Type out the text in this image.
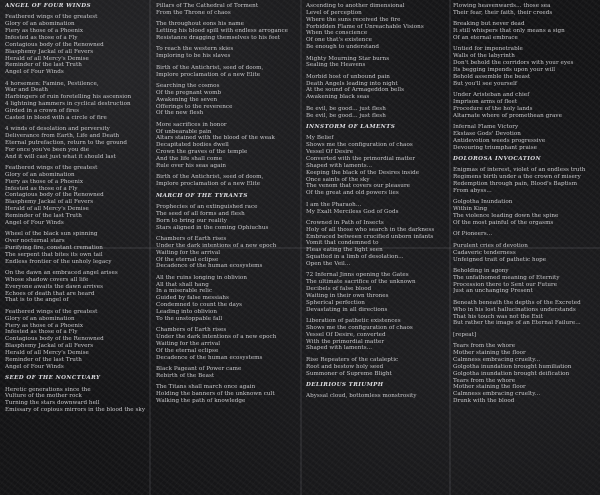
ANGEL OF FOUR WINDS
Feathered wings of the greatest
Glory of an abomination
Fiery as those of a Phoenix
Infested as those of a Fly
Contagious body of the Renowned
Blasphemy Jackal of all Fevers
Herald of all Mercy's Demise
Reminder of the last Truth
Angel of Four Winds
4 horsemen: Famine, Pestilence,
War and Death
Harbingers of ruin foretelling his ascension
4 lightning hammers in cyclical destruction
Girded in a crown of fires
Casted in blood with a circle of fire
4 winds of desolation and perversity
Deliverance from Earth, Life and Death
Eternal putrefaction, return to the ground
For once you've been you die
And it will cast just what it should last
Feathered wings of the greatest
Glory of an abomination
Fiery as those of a Phoenix
Infested as those of a Fly
Contagious body of the Renowned
Blasphemy Jackal of all Fevers
Herald of all Mercy's Demise
Reminder of the last Truth
Angel of Four Winds
Wheel of the black sun spinning
Over nocturnal stars
Purifying fire, constant cremation
The serpent that bites its own tail
Endless frontier of the unholy legacy
On the dawn an embraced angel arises
Whose shadow covers all life
Everyone awaits the dawn arrives
Echoes of death that are heard
That is to the angel of
Feathered wings of the greatest
Glory of an abomination
Fiery as those of a Phoenix
Infested as those of a Fly
Contagious body of the Renowned
Blasphemy Jackal of all Fevers
Herald of all Mercy's Demise
Reminder of the last Truth
Angel of Four Winds
SEED OF THE NONCTUARY
Heretic generations since the
Vulture of the mother rock
Turning the stars downward hell
Emissary of copious mirrors in the blood the sky
Pillars of The Cathedral of Torment
From the Throne of chaos
The throughout eons his name
Letting his blood spill with endless arrogance
Resistance dragging themselves to his feet
To reach the western skies
Imploring to be his slaves
Birth of the Antichrist, seed of doom,
Implore proclamation of a new Elite
Searching the cosmos
Of the pregnant womb
Awakening the seven
Offerings to the reverence
Of the new flesh
More sacrifices in honor
Of unbearable pain
Altars stained with the blood of the weak
Decapitated bodies dwell
Crown the graves of the temple
And the life shall come
Rule over his seas again
Birth of the Antichrist, seed of doom,
Implore proclamation of a new Elite
MARCH OF THE TYRANTS
Prophecies of an extinguished race
The seed of all forms and flesh
Born to bring our reality
Stars aligned in the coming Ophiuchus
Chambers of Earth rises
Under the dark intentions of a new epoch
Waiting for the arrival
Of the eternal eclipse
Decadence of the human ecosystems
All the ruins longing in oblivion
All that shall hang
In a miserable relic
Guided by false messiahs
Condemned to count the days
Leading into oblivion
To the unstoppable fall
Chambers of Earth rises
Under the dark intentions of a new epoch
Waiting for the arrival
Of the eternal eclipse
Decadence of the human ecosystems
Black Pageant of Power came
Rebirth of the Beast
The Titans shall march once again
Holding the banners of the unknown cult
Walking the path of knowledge
Ascending to another dimensional
Level of perception
Where the suns received the fire
Forbidden Flame of Unreachable Visions
When the conscience
Of one that's existence
Be enough to understand
Mighty Mourning Star burns
Sealing the Heavens
Morbid host of unbound pain
Death Angels leading into night
At the sound of Armageddon bells
Awakening black seas
Be evil, be good... just flesh
Be evil, be good... just flesh
INNSTORM OF LAMENTS
My Belief
Shows me the configuration of chaos
Vessel Of Desire
Converted with the primordial matter
Shaped with laments...
Keeping the black of the Desires inside
Once saints of the sky
The venom that covers our pleasure
Of the great and old powers lies
I am the Pharaoh...
My Exalt Merciless God of Gods
Crowned in Path of Insects
Holy of all those who search in the darkness
Embraced between crucified unborn infants
Vomit that condemned to
Fleas eating the light seen
Squatted in a limb of desolation...
Open the Veil...
72 Infernal Jinns opening the Gates
The ultimate sacrifice of the unknown
Decibels of false blood
Waiting in their own thrones
Spherical perfection
Devastating in all directions
Liberation of pathetic existences
Shows me the configuration of chaos
Vessel Of Desire, converted
With the primordial matter
Shaped with laments...
Rise Repeaters of the cataleptic
Root and bestow holy seed
Summoner of Supreme Blight
DELIRIOUS TRIUMPH
Abyssal cloud, bottomless monstrosity
Flowing heavenwards... those sea
Their fear, their faith, their creeds
Breaking but never dead
It still whispers that only means a sign
Of an eternal embrace
Untied for impenetrable
Walls of the labyrinth
Don't behold the corridors with your eyes
Its begging impends upon your will
Behold assemble the beast
But you'll see yourself
Under Aristeban and chief
Imprison arms of fleet
Procedure of the holy lands
Altarnate where of promethean grave
Infernal Flame Victory
Ekstase Gods' Devotion
Antidevotion weeds progressive
Devouring triumphant praise
DOLOROSA INVOCATION
Enigmas of interest, violet of an endless truth
Regimens birth under a the crown of misery
Redemption through pain, Blood's Baptism
From abyss...
Golgotha Inundation
Within King
The violence leading down the spine
Of the most painful of the orgasms
Of Pioneers...
Purulent cries of devotion
Cadaveric tenderness
Unfeigned trait of pathetic hope
Beholding in agony
The unfathomed meaning of Eternity
Procession there to Sent our Future
Just an unchanging Present
Beneath beneath the depths of the Excreted
Who in his lost hallucinations understands
That his touch was not the Exit
But rather the image of an Eternal Failure...
[repeat]
Tears from the whore
Mother staining the floor
Calmness embracing cruelty...
Golgotha inundation brought humiliation
Golgotha inundation brought deification
Tears from the whore
Mother staining the floor
Calmness embracing cruelty...
Drunk with the blood
